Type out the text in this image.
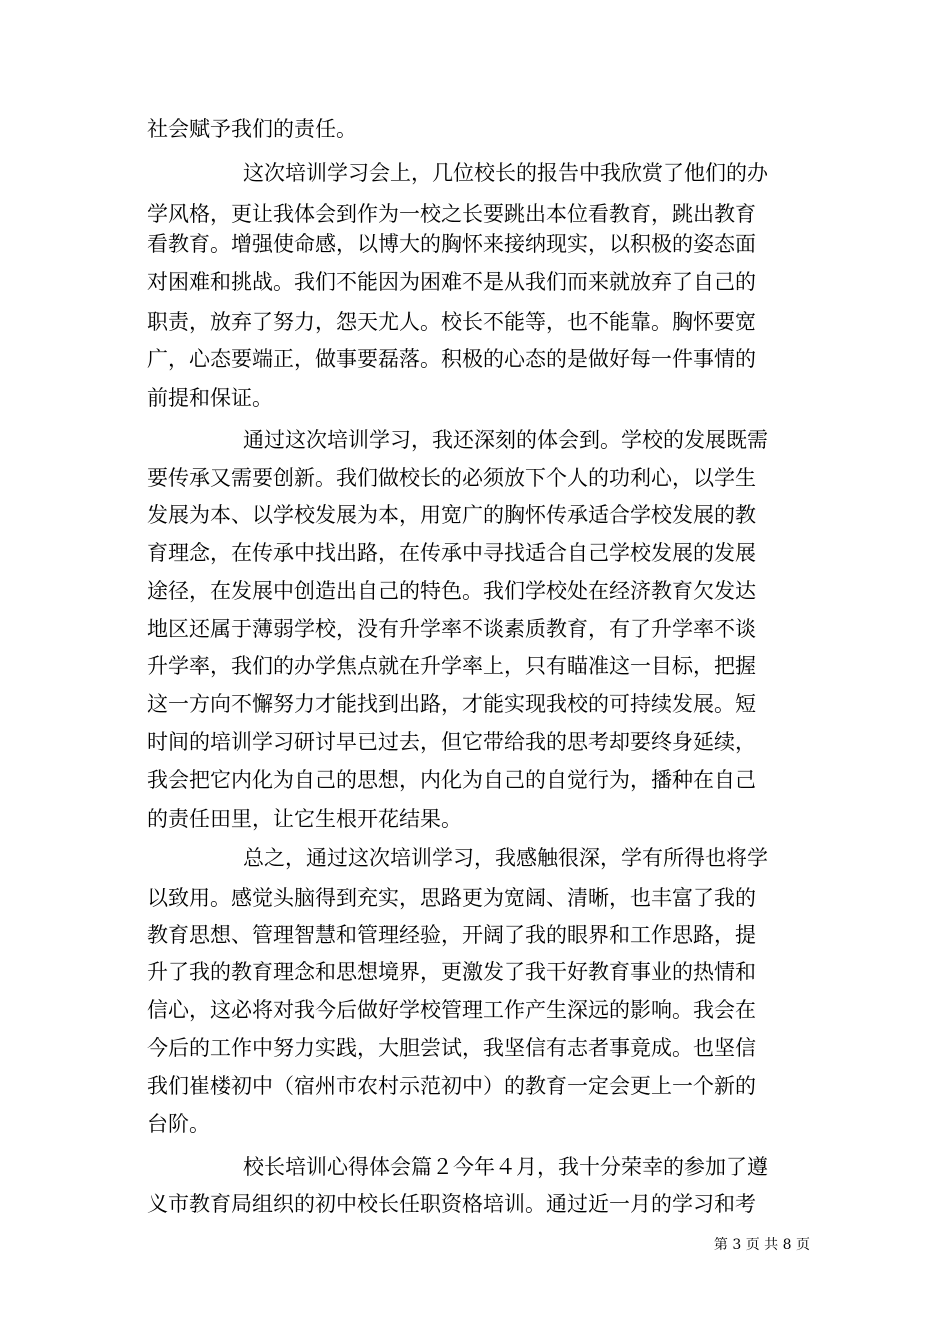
社会赋予我们的责任。
这次培训学习会上，几位校长的报告中我欣赏了他们的办
学风格，更让我体会到作为一校之长要跳出本位看教育，跳出教育
看教育。增强使命感，以博大的胸怀来接纳现实，以积极的姿态面
对困难和挑战。我们不能因为困难不是从我们而来就放弃了自己的
职责，放弃了努力，怨天尤人。校长不能等，也不能靠。胸怀要宽
广，心态要端正，做事要磊落。积极的心态的是做好每一件事情的
前提和保证。
通过这次培训学习，我还深刻的体会到。学校的发展既需
要传承又需要创新。我们做校长的必须放下个人的功利心，以学生
发展为本、以学校发展为本，用宽广的胸怀传承适合学校发展的教
育理念，在传承中找出路，在传承中寻找适合自己学校发展的发展
途径，在发展中创造出自己的特色。我们学校处在经济教育欠发达
地区还属于薄弱学校，没有升学率不谈素质教育，有了升学率不谈
升学率，我们的办学焦点就在升学率上，只有瞄准这一目标，把握
这一方向不懈努力才能找到出路，才能实现我校的可持续发展。短
时间的培训学习研讨早已过去，但它带给我的思考却要终身延续，
我会把它内化为自己的思想，内化为自己的自觉行为，播种在自己
的责任田里，让它生根开花结果。
总之，通过这次培训学习，我感触很深，学有所得也将学
以致用。感觉头脑得到充实，思路更为宽阔、清晰，也丰富了我的
教育思想、管理智慧和管理经验，开阔了我的眼界和工作思路，提
升了我的教育理念和思想境界，更激发了我干好教育事业的热情和
信心，这必将对我今后做好学校管理工作产生深远的影响。我会在
今后的工作中努力实践，大胆尝试，我坚信有志者事竟成。也坚信
我们崔楼初中（宿州市农村示范初中）的教育一定会更上一个新的
台阶。
校长培训心得体会篇２今年４月，我十分荣幸的参加了遵
义市教育局组织的初中校长任职资格培训。通过近一月的学习和考
第 3 页 共 8 页
